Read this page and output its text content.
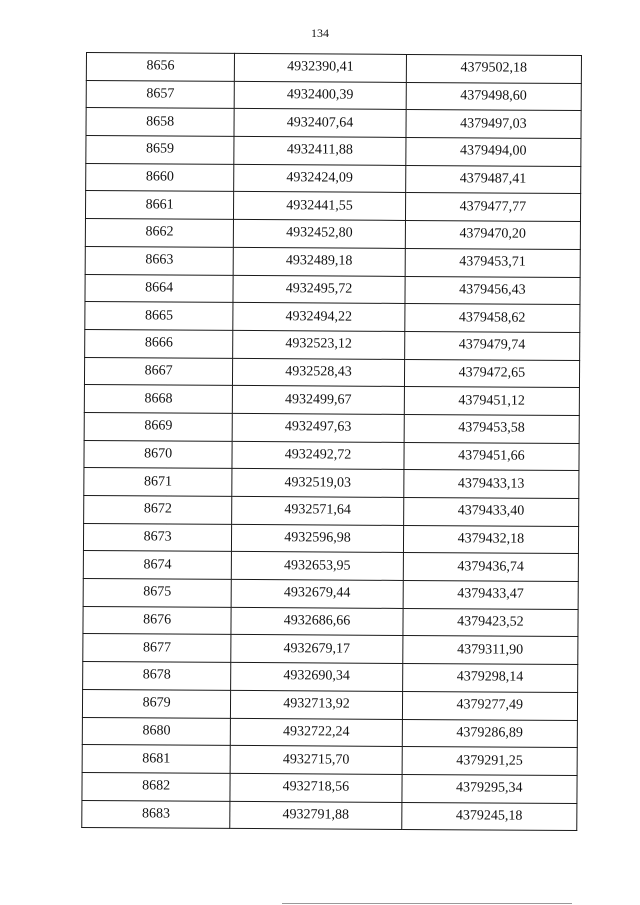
134
8656	4932390,41	4379502,18
8657	4932400,39	4379498,60
8658	4932407,64	4379497,03
8659	4932411,88	4379494,00
8660	4932424,09	4379487,41
8661	4932441,55	4379477,77
8662	4932452,80	4379470,20
8663	4932489,18	4379453,71
8664	4932495,72	4379456,43
8665	4932494,22	4379458,62
8666	4932523,12	4379479,74
8667	4932528,43	4379472,65
8668	4932499,67	4379451,12
8669	4932497,63	4379453,58
8670	4932492,72	4379451,66
8671	4932519,03	4379433,13
8672	4932571,64	4379433,40
8673	4932596,98	4379432,18
8674	4932653,95	4379436,74
8675	4932679,44	4379433,47
8676	4932686,66	4379423,52
8677	4932679,17	4379311,90
8678	4932690,34	4379298,14
8679	4932713,92	4379277,49
8680	4932722,24	4379286,89
8681	4932715,70	4379291,25
8682	4932718,56	4379295,34
8683	4932791,88	4379245,18
